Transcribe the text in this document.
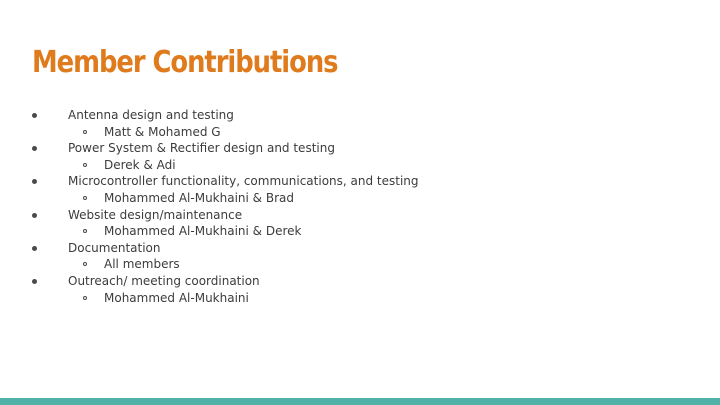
Member Contributions
Antenna design and testing
Matt & Mohamed G
Power System & Rectifier design and testing
Derek & Adi
Microcontroller functionality, communications, and testing
Mohammed Al-Mukhaini & Brad
Website design/maintenance
Mohammed Al-Mukhaini & Derek
Documentation
All members
Outreach/ meeting coordination
Mohammed Al-Mukhaini
